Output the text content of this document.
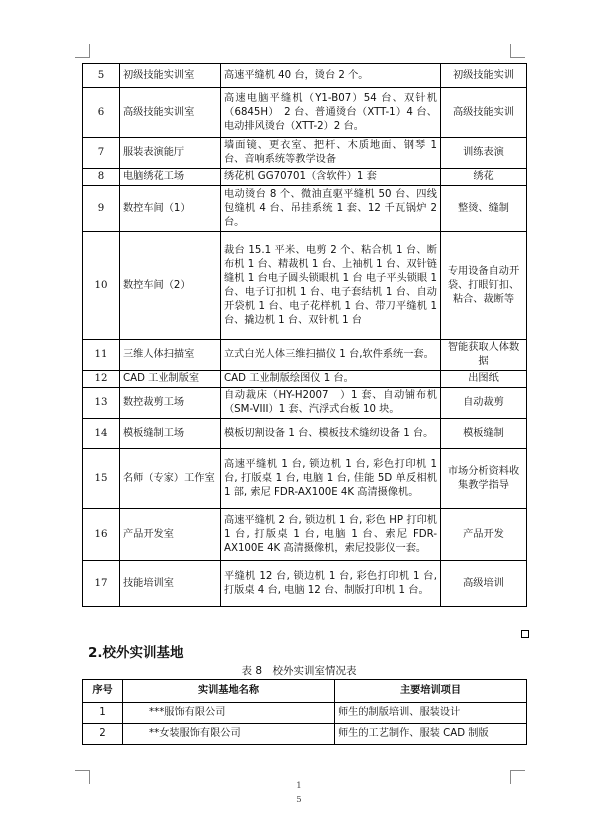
5	初级技能实训室	高速平缝机 40 台，烫台 2 个。	初级技能实训
6	高级技能实训室	高速电脑平缝机（Y1-B07）54 台、双针机（6845H）　2 台、普通烫台（XTT-1）4 台、电动排风烫台（XTT-2）2 台。	高级技能实训
7	服装表演能厅	墙面镜、更衣室、把杆、木质地面、钢琴 1 台、音响系统等教学设备	训练表演
8	电脑绣花工场	绣花机 GG70701（含软件）1 套	绣花
9	数控车间（1）	电动烫台 8 个、微油直驱平缝机 50 台、四线包缝机 4 台、吊挂系统 1 套、12 千瓦锅炉 2 台。	整烫、缝制
10	数控车间（2）	裁台 15.1 平米、电剪 2 个、粘合机 1 台、断布机 1 台、精裁机 1 台、上袖机 1 台、双针链缝机 1 台电子圆头锁眼机 1 台 电子平头锁眼 1 台、电子订扣机 1 台、电子套结机 1 台、自动开袋机 1 台、电子花样机 1 台、带刀平缝机 1 台、撬边机 1 台、双针机 1 台	专用设备自动开袋、打眼钉扣、粘合、裁断等
11	三维人体扫描室	立式白光人体三维扫描仪 1 台,软件系统一套。	智能获取人体数据
12	CAD 工业制版室	CAD 工业制版绘图仪 1 台。	出图纸
13	数控裁剪工场	自动裁床（HY-H2007　）1 套、自动铺布机（SM-VIII）1 套、汽浮式台板 10 块。	自动裁剪
14	模板缝制工场	模板切割设备 1 台、模板技术缝纫设备 1 台。	模板缝制
15	名师（专家）工作室	高速平缝机 1 台, 锁边机 1 台, 彩色打印机 1 台, 打版桌 1 台, 电脑 1 台, 佳能 5D 单反相机 1 部, 索尼 FDR-AX100E 4K 高清摄像机。	市场分析资料收集教学指导
16	产品开发室	高速平缝机 2 台, 锁边机 1 台, 彩色 HP 打印机 1 台, 打版桌 1 台, 电脑 1 台、索尼 FDR-AX100E 4K 高清摄像机，索尼投影仪一套。	产品开发
17	技能培训室	平缝机 12 台, 锁边机 1 台, 彩色打印机 1 台, 打版桌 4 台, 电脑 12 台、制版打印机 1 台。	高级培训
2.校外实训基地
表 8　校外实训室情况表
序号	实训基地名称	主要培训项目
1	***服饰有限公司	师生的制版培训、服装设计
2	**女装服饰有限公司	师生的工艺制作、服装 CAD 制版
1
5
